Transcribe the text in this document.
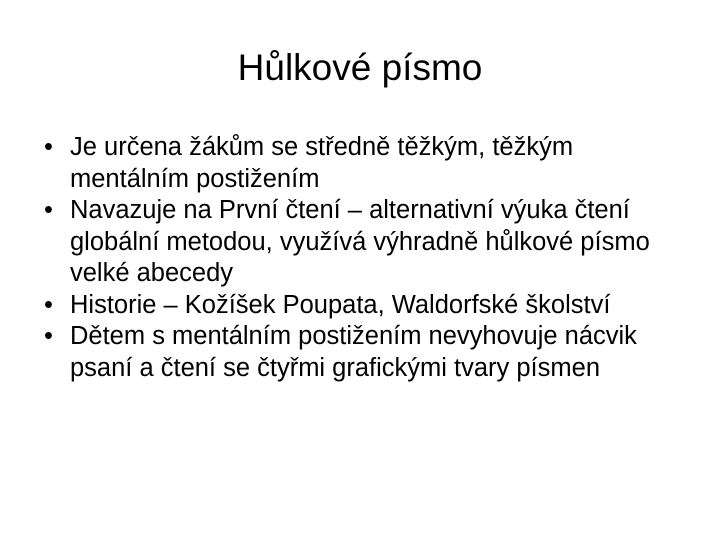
Hůlkové písmo
• Je určena žákům se středně těžkým, těžkým mentálním postižením
• Navazuje na První čtení – alternativní výuka čtení globální metodou, využívá výhradně hůlkové písmo velké abecedy
• Historie – Kožíšek Poupata, Waldorfské školství
• Dětem s mentálním postižením nevyhovuje nácvik psaní a čtení se čtyřmi grafickými tvary písmen
